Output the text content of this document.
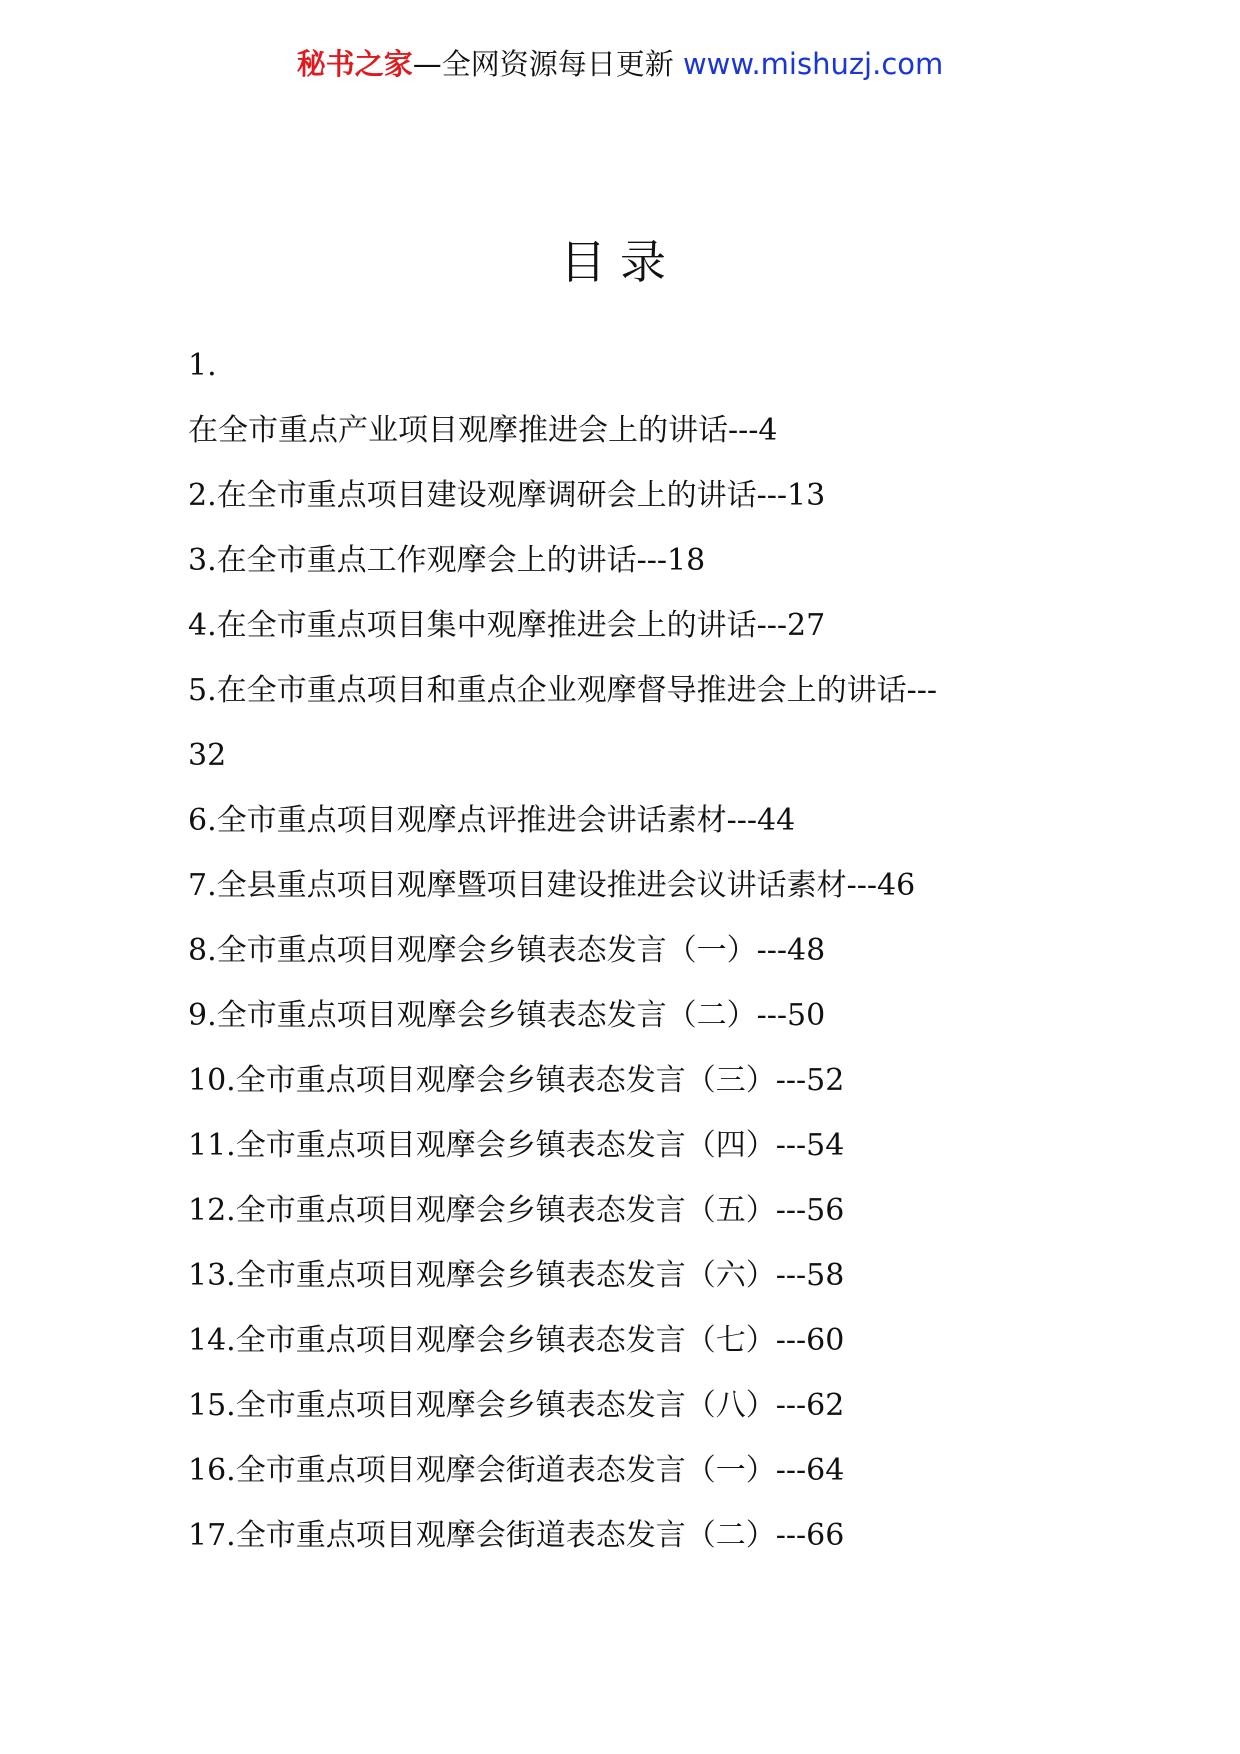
秘书之家—全网资源每日更新 www.mishuzj.com
目录
1.
在全市重点产业项目观摩推进会上的讲话---4
2.在全市重点项目建设观摩调研会上的讲话---13
3.在全市重点工作观摩会上的讲话---18
4.在全市重点项目集中观摩推进会上的讲话---27
5.在全市重点项目和重点企业观摩督导推进会上的讲话---
32
6.全市重点项目观摩点评推进会讲话素材---44
7.全县重点项目观摩暨项目建设推进会议讲话素材---46
8.全市重点项目观摩会乡镇表态发言（一）---48
9.全市重点项目观摩会乡镇表态发言（二）---50
10.全市重点项目观摩会乡镇表态发言（三）---52
11.全市重点项目观摩会乡镇表态发言（四）---54
12.全市重点项目观摩会乡镇表态发言（五）---56
13.全市重点项目观摩会乡镇表态发言（六）---58
14.全市重点项目观摩会乡镇表态发言（七）---60
15.全市重点项目观摩会乡镇表态发言（八）---62
16.全市重点项目观摩会街道表态发言（一）---64
17.全市重点项目观摩会街道表态发言（二）---66
